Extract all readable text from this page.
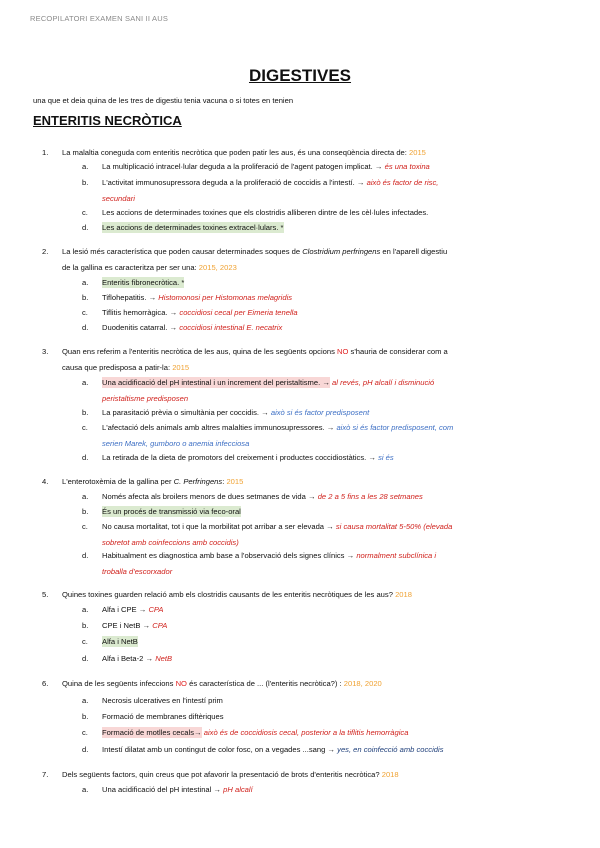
RECOPILATORI EXAMEN SANI II AUS
DIGESTIVES
una que et deia quina de les tres de digestiu tenia vacuna o si totes en tenien
ENTERITIS NECRÒTICA
1. La malaltia coneguda com enteritis necròtica que poden patir les aus, és una conseqüència directa de: 2015
a. La multiplicació intracel·lular deguda a la proliferació de l'agent patogen implicat. → és una toxina
b. L'activitat immunosupressora deguda a la proliferació de coccidis a l'intestí. → això és factor de risc,
secundari
c. Les accions de determinades toxines que els clostridis alliberen dintre de les cèl·lules infectades.
d. Les accions de determinades toxines extracel·lulars. *
2. La lesió més característica que poden causar determinades soques de Clostridium perfringens en l'aparell digestiu
de la gallina es caracteritza per ser una: 2015, 2023
a. Enteritis fibronecròtica. *
b. Tiflohepatitis. → Histomonosi per Histomonas melagridis
c. Tiflitis hemorràgica. → coccidiosi cecal per Eimeria tenella
d. Duodenitis catarral. → coccidiosi intestinal E. necatrix
3. Quan ens referim a l'enteritis necròtica de les aus, quina de les següents opcions NO s'hauria de considerar com a
causa que predisposa a patir-la: 2015
a. Una acidificació del pH intestinal i un increment del peristaltisme. → al revés, pH alcalí i disminució
peristaltisme predisposen
b. La parasitació prèvia o simultània per coccidis. → això si és factor predisposent
c. L'afectació dels animals amb altres malalties immunosupressores. → això si és factor predisposent, com
serien Marek, gumboro o anemia infecciosa
d. La retirada de la dieta de promotors del creixement i productes coccidiostàtics. → si és
4. L'enterotoxèmia de la gallina per C. Perfringens: 2015
a. Només afecta als broilers menors de dues setmanes de vida → de 2 a 5 fins a les 28 setmanes
b. És un procés de transmissió via feco-oral
c. No causa mortalitat, tot i que la morbilitat pot arribar a ser elevada → si causa mortalitat 5-50% (elevada
sobretot amb coinfeccions amb coccidis)
d. Habitualment es diagnostica amb base a l'observació dels signes clínics → normalment subclínica i
troballa d'escorxador
5. Quines toxines guarden relació amb els clostridis causants de les enteritis necròtiques de les aus? 2018
a. Alfa i CPE → CPA
b. CPE i NetB → CPA
c. Alfa i NetB
d. Alfa i Beta-2 → NetB
6. Quina de les següents infeccions NO és característica de ... (l'enteritis necròtica?) : 2018, 2020
a. Necrosis ulceratives en l'intestí prim
b. Formació de membranes diftèriques
c. Formació de motlles cecals→ això és de coccidiosis cecal, posterior a la tiflitis hemorràgica
d. Intestí dilatat amb un contingut de color fosc, on a vegades ...sang → yes, en coinfecció amb coccidis
7. Dels següents factors, quin creus que pot afavorir la presentació de brots d'enteritis necròtica? 2018
a. Una acidificació del pH intestinal → pH alcalí
